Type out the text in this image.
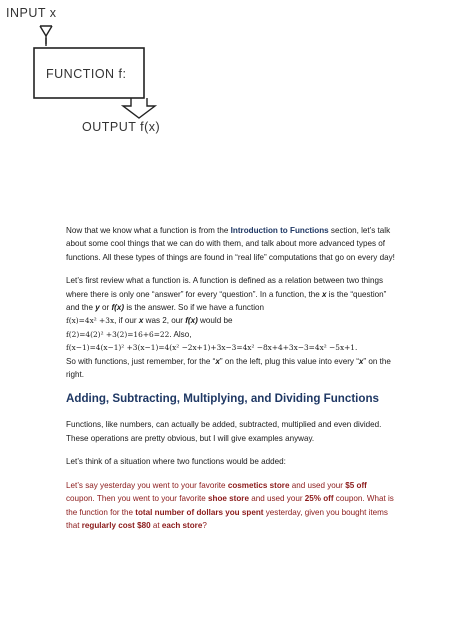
INPUT x
FUNCTION f:
OUTPUT f(x)

Now that we know what a function is from the Introduction to Functions section, let’s talk about some cool things that we can do with them, and talk about more advanced types of functions. All these types of things are found in “real life” computations that go on every day!

Let’s first review what a function is. A function is defined as a relation between two things where there is only one “answer” for every “question”. In a function, the x is the “question” and the y or f(x) is the answer. So if we have a function

f(x)=4x² +3x, if our x was 2, our f(x) would be

f(2)=4(2)² +3(2)=16+6=22. Also,

f(x−1)=4(x−1)² +3(x−1)=4(x² −2x+1)+3x−3=4x² −8x+4+3x−3=4x² −5x+1.

So with functions, just remember, for the “x” on the left, plug this value into every “x” on the right.

Adding, Subtracting, Multiplying, and Dividing Functions

Functions, like numbers, can actually be added, subtracted, multiplied and even divided. These operations are pretty obvious, but I will give examples anyway.

Let’s think of a situation where two functions would be added:

Let’s say yesterday you went to your favorite cosmetics store and used your $5 off coupon. Then you went to your favorite shoe store and used your 25% off coupon. What is the function for the total number of dollars you spent yesterday, given you bought items that regularly cost $80 at each store?
